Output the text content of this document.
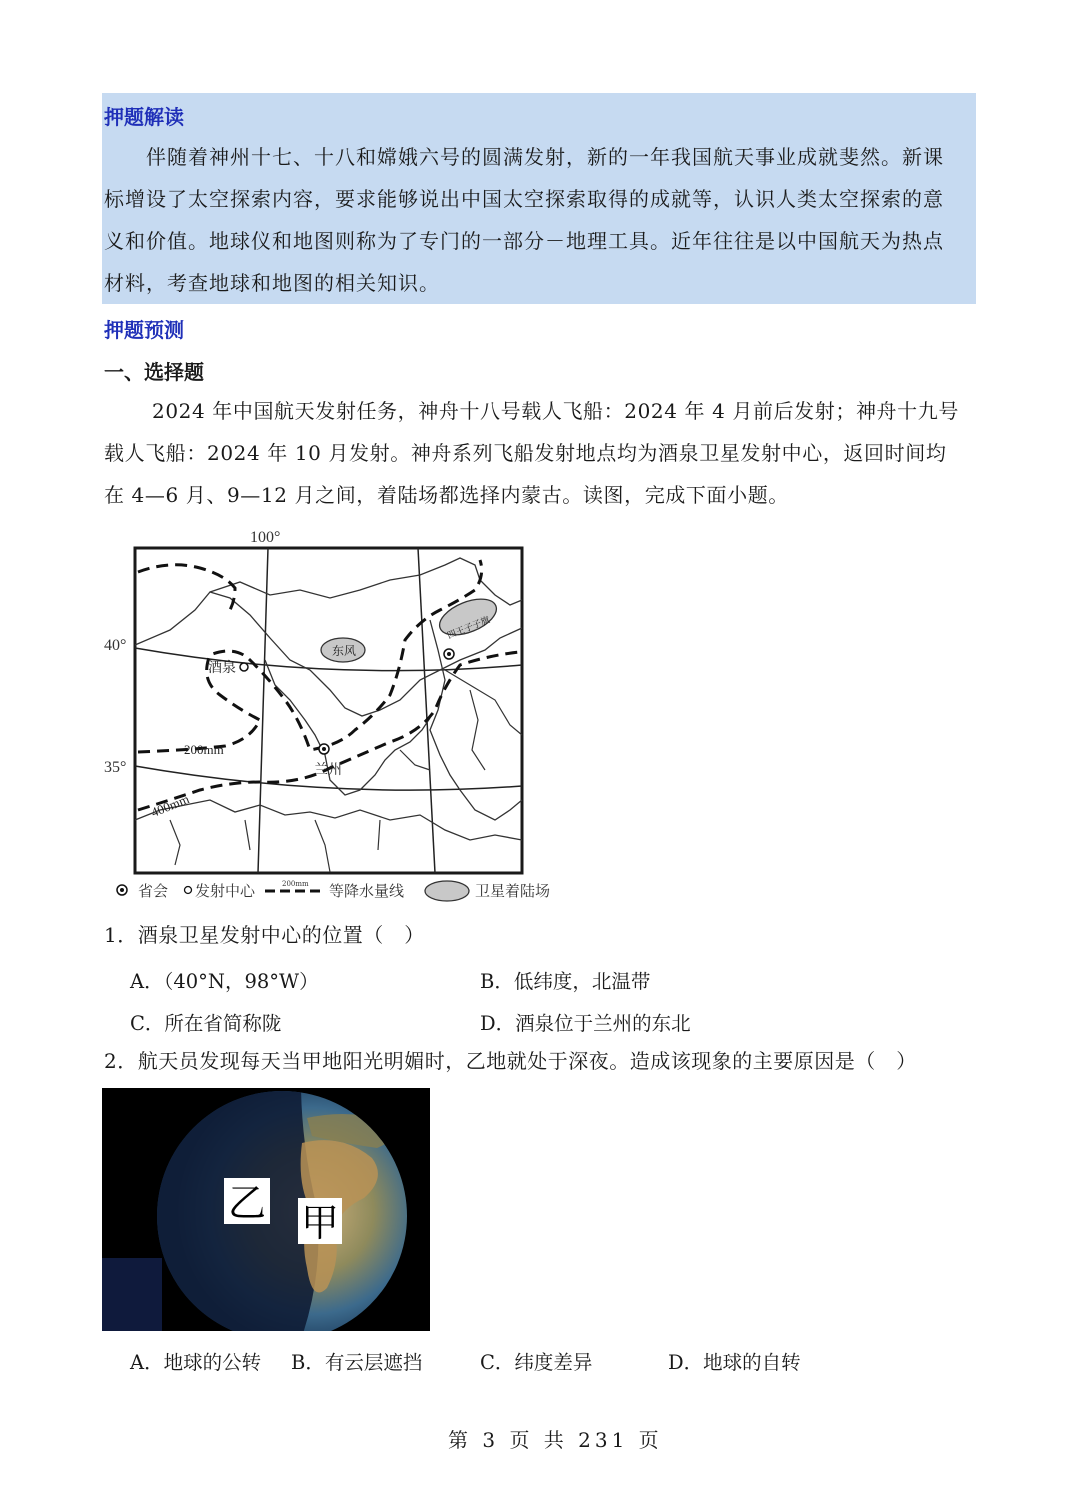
押题解读
伴随着神州十七、十八和嫦娥六号的圆满发射，新的一年我国航天事业成就斐然。新课
标增设了太空探索内容，要求能够说出中国太空探索取得的成就等，认识人类太空探索的意
义和价值。地球仪和地图则称为了专门的一部分－地理工具。近年往往是以中国航天为热点
材料，考查地球和地图的相关知识。
押题预测
一、选择题
2024 年中国航天发射任务，神舟十八号载人飞船：2024 年 4 月前后发射；神舟十九号
载人飞船：2024 年 10 月发射。神舟系列飞船发射地点均为酒泉卫星发射中心，返回时间均
在 4—6 月、9—12 月之间，着陆场都选择内蒙古。读图，完成下面小题。
100°
40°
35°
东风
四王子子旗
酒泉
兰州
200mm
400mm
省会 发射中心	200mm 等降水量线	卫星着陆场
1．酒泉卫星发射中心的位置（　）
A．（40°N，98°W）	B．低纬度，北温带
C．所在省简称陇	D．酒泉位于兰州的东北
2．航天员发现每天当甲地阳光明媚时，乙地就处于深夜。造成该现象的主要原因是（　）
乙 甲
A．地球的公转 B．有云层遮挡	C．纬度差异	D．地球的自转
第 3 页 共 231 页
